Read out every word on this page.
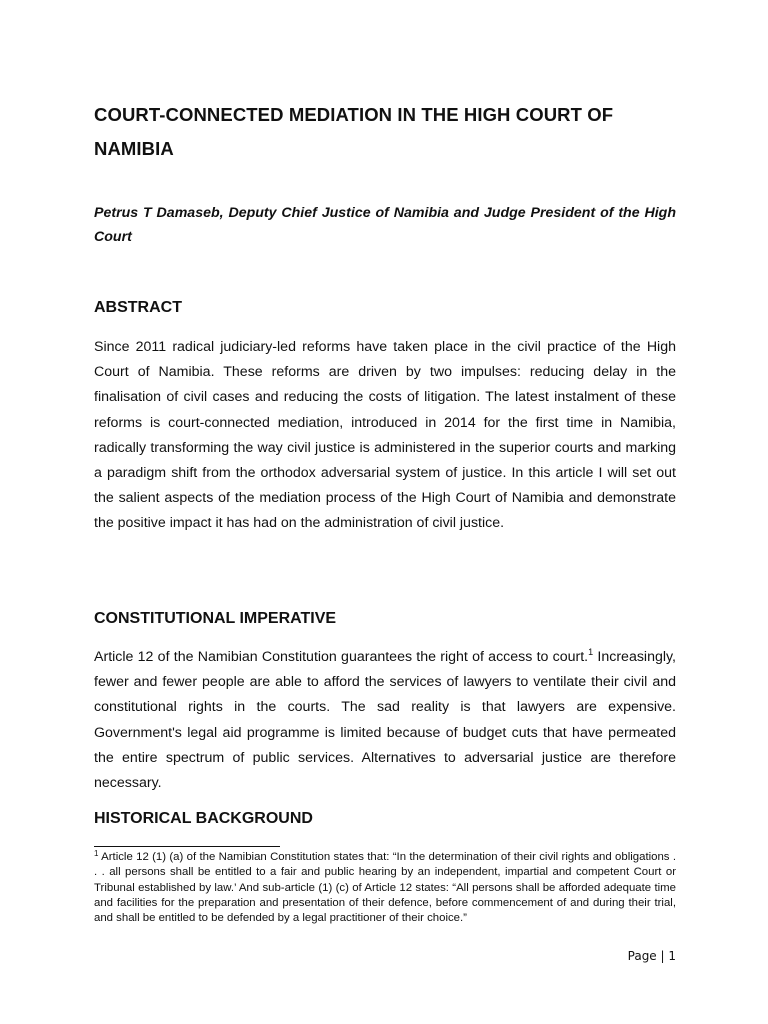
COURT-CONNECTED MEDIATION IN THE HIGH COURT OF NAMIBIA

Petrus T Damaseb, Deputy Chief Justice of Namibia and Judge President of the High Court

ABSTRACT

Since 2011 radical judiciary-led reforms have taken place in the civil practice of the High Court of Namibia. These reforms are driven by two impulses: reducing delay in the finalisation of civil cases and reducing the costs of litigation. The latest instalment of these reforms is court-connected mediation, introduced in 2014 for the first time in Namibia, radically transforming the way civil justice is administered in the superior courts and marking a paradigm shift from the orthodox adversarial system of justice. In this article I will set out the salient aspects of the mediation process of the High Court of Namibia and demonstrate the positive impact it has had on the administration of civil justice.

CONSTITUTIONAL IMPERATIVE

Article 12 of the Namibian Constitution guarantees the right of access to court.$^1$ Increasingly, fewer and fewer people are able to afford the services of lawyers to ventilate their civil and constitutional rights in the courts. The sad reality is that lawyers are expensive. Government's legal aid programme is limited because of budget cuts that have permeated the entire spectrum of public services. Alternatives to adversarial justice are therefore necessary.

HISTORICAL BACKGROUND

$^1$ Article 12 (1) (a) of the Namibian Constitution states that: “In the determination of their civil rights and obligations . . . all persons shall be entitled to a fair and public hearing by an independent, impartial and competent Court or Tribunal established by law.’ And sub-article (1) (c) of Article 12 states: “All persons shall be afforded adequate time and facilities for the preparation and presentation of their defence, before commencement of and during their trial, and shall be entitled to be defended by a legal practitioner of their choice.”

Page | 1
